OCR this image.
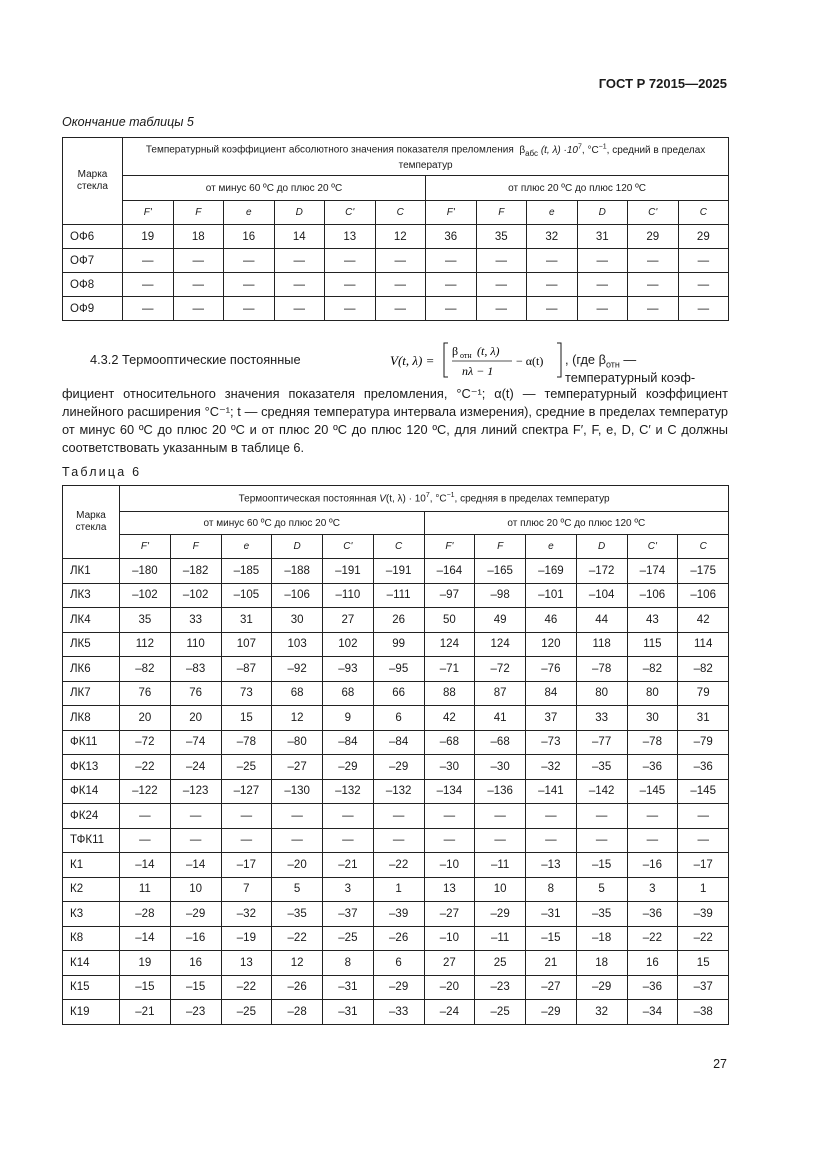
ГОСТ Р 72015—2025
Окончание таблицы 5
Марка стекла	Температурный коэффициент абсолютного значения показателя преломления $\beta_{абс}$ (t, $\lambda) \cdot 10^7$, $^\circ С^{-1}$, средний в пределах температур											
	от минус 60 ºС до плюс 20 ºС						от плюс 20 ºС до плюс 120 ºС					
	F'	F	e	D	C'	C	F'	F	e	D	C'	C
ОФ6	19	18	16	14	13	12	36	35	32	31	29	29
ОФ7	—	—	—	—	—	—	—	—	—	—	—	—
ОФ8	—	—	—	—	—	—	—	—	—	—	—	—
ОФ9	—	—	—	—	—	—	—	—	—	—	—	—
4.3.2 Термооптические постоянные	V(t, λ) =
β отн (t, λ)
nλ − 1
− α(t) , (где $\beta_{отн}$ — температурный коэф-
фициент относительного значения показателя преломления, °С⁻¹; α(t) — температурный коэффициент линейного расширения °С⁻¹; t — средняя температура интервала измерения), средние в пределах температур от минус 60 ºС до плюс 20 ºС и от плюс 20 ºС до плюс 120 ºС, для линий спектра F′, F, e, D, C′ и C должны соответствовать указанным в таблице 6.
Таблица 6
Марка стекла	Термооптическая постоянная V(t, $\lambda) \cdot 10^7$, $^\circ С^{-1}$, средняя в пределах температур											
	от минус 60 ºС до плюс 20 ºС						от плюс 20 ºС до плюс 120 ºС					
	F'	F	e	D	C'	C	F'	F	e	D	C'	C
ЛК1	–180	–182	–185	–188	–191	–191	–164	–165	–169	–172	–174	–175
ЛК3	–102	–102	–105	–106	–110	–111	–97	–98	–101	–104	–106	–106
ЛК4	35	33	31	30	27	26	50	49	46	44	43	42
ЛК5	112	110	107	103	102	99	124	124	120	118	115	114
ЛК6	–82	–83	–87	–92	–93	–95	–71	–72	–76	–78	–82	–82
ЛК7	76	76	73	68	68	66	88	87	84	80	80	79
ЛК8	20	20	15	12	9	6	42	41	37	33	30	31
ФК11	–72	–74	–78	–80	–84	–84	–68	–68	–73	–77	–78	–79
ФК13	–22	–24	–25	–27	–29	–29	–30	–30	–32	–35	–36	–36
ФК14	–122	–123	–127	–130	–132	–132	–134	–136	–141	–142	–145	–145
ФК24	—	—	—	—	—	—	—	—	—	—	—	—
ТФК11	—	—	—	—	—	—	—	—	—	—	—	—
К1	–14	–14	–17	–20	–21	–22	–10	–11	–13	–15	–16	–17
К2	11	10	7	5	3	1	13	10	8	5	3	1
К3	–28	–29	–32	–35	–37	–39	–27	–29	–31	–35	–36	–39
К8	–14	–16	–19	–22	–25	–26	–10	–11	–15	–18	–22	–22
К14	19	16	13	12	8	6	27	25	21	18	16	15
К15	–15	–15	–22	–26	–31	–29	–20	–23	–27	–29	–36	–37
К19	–21	–23	–25	–28	–31	–33	–24	–25	–29	32	–34	–38
27
